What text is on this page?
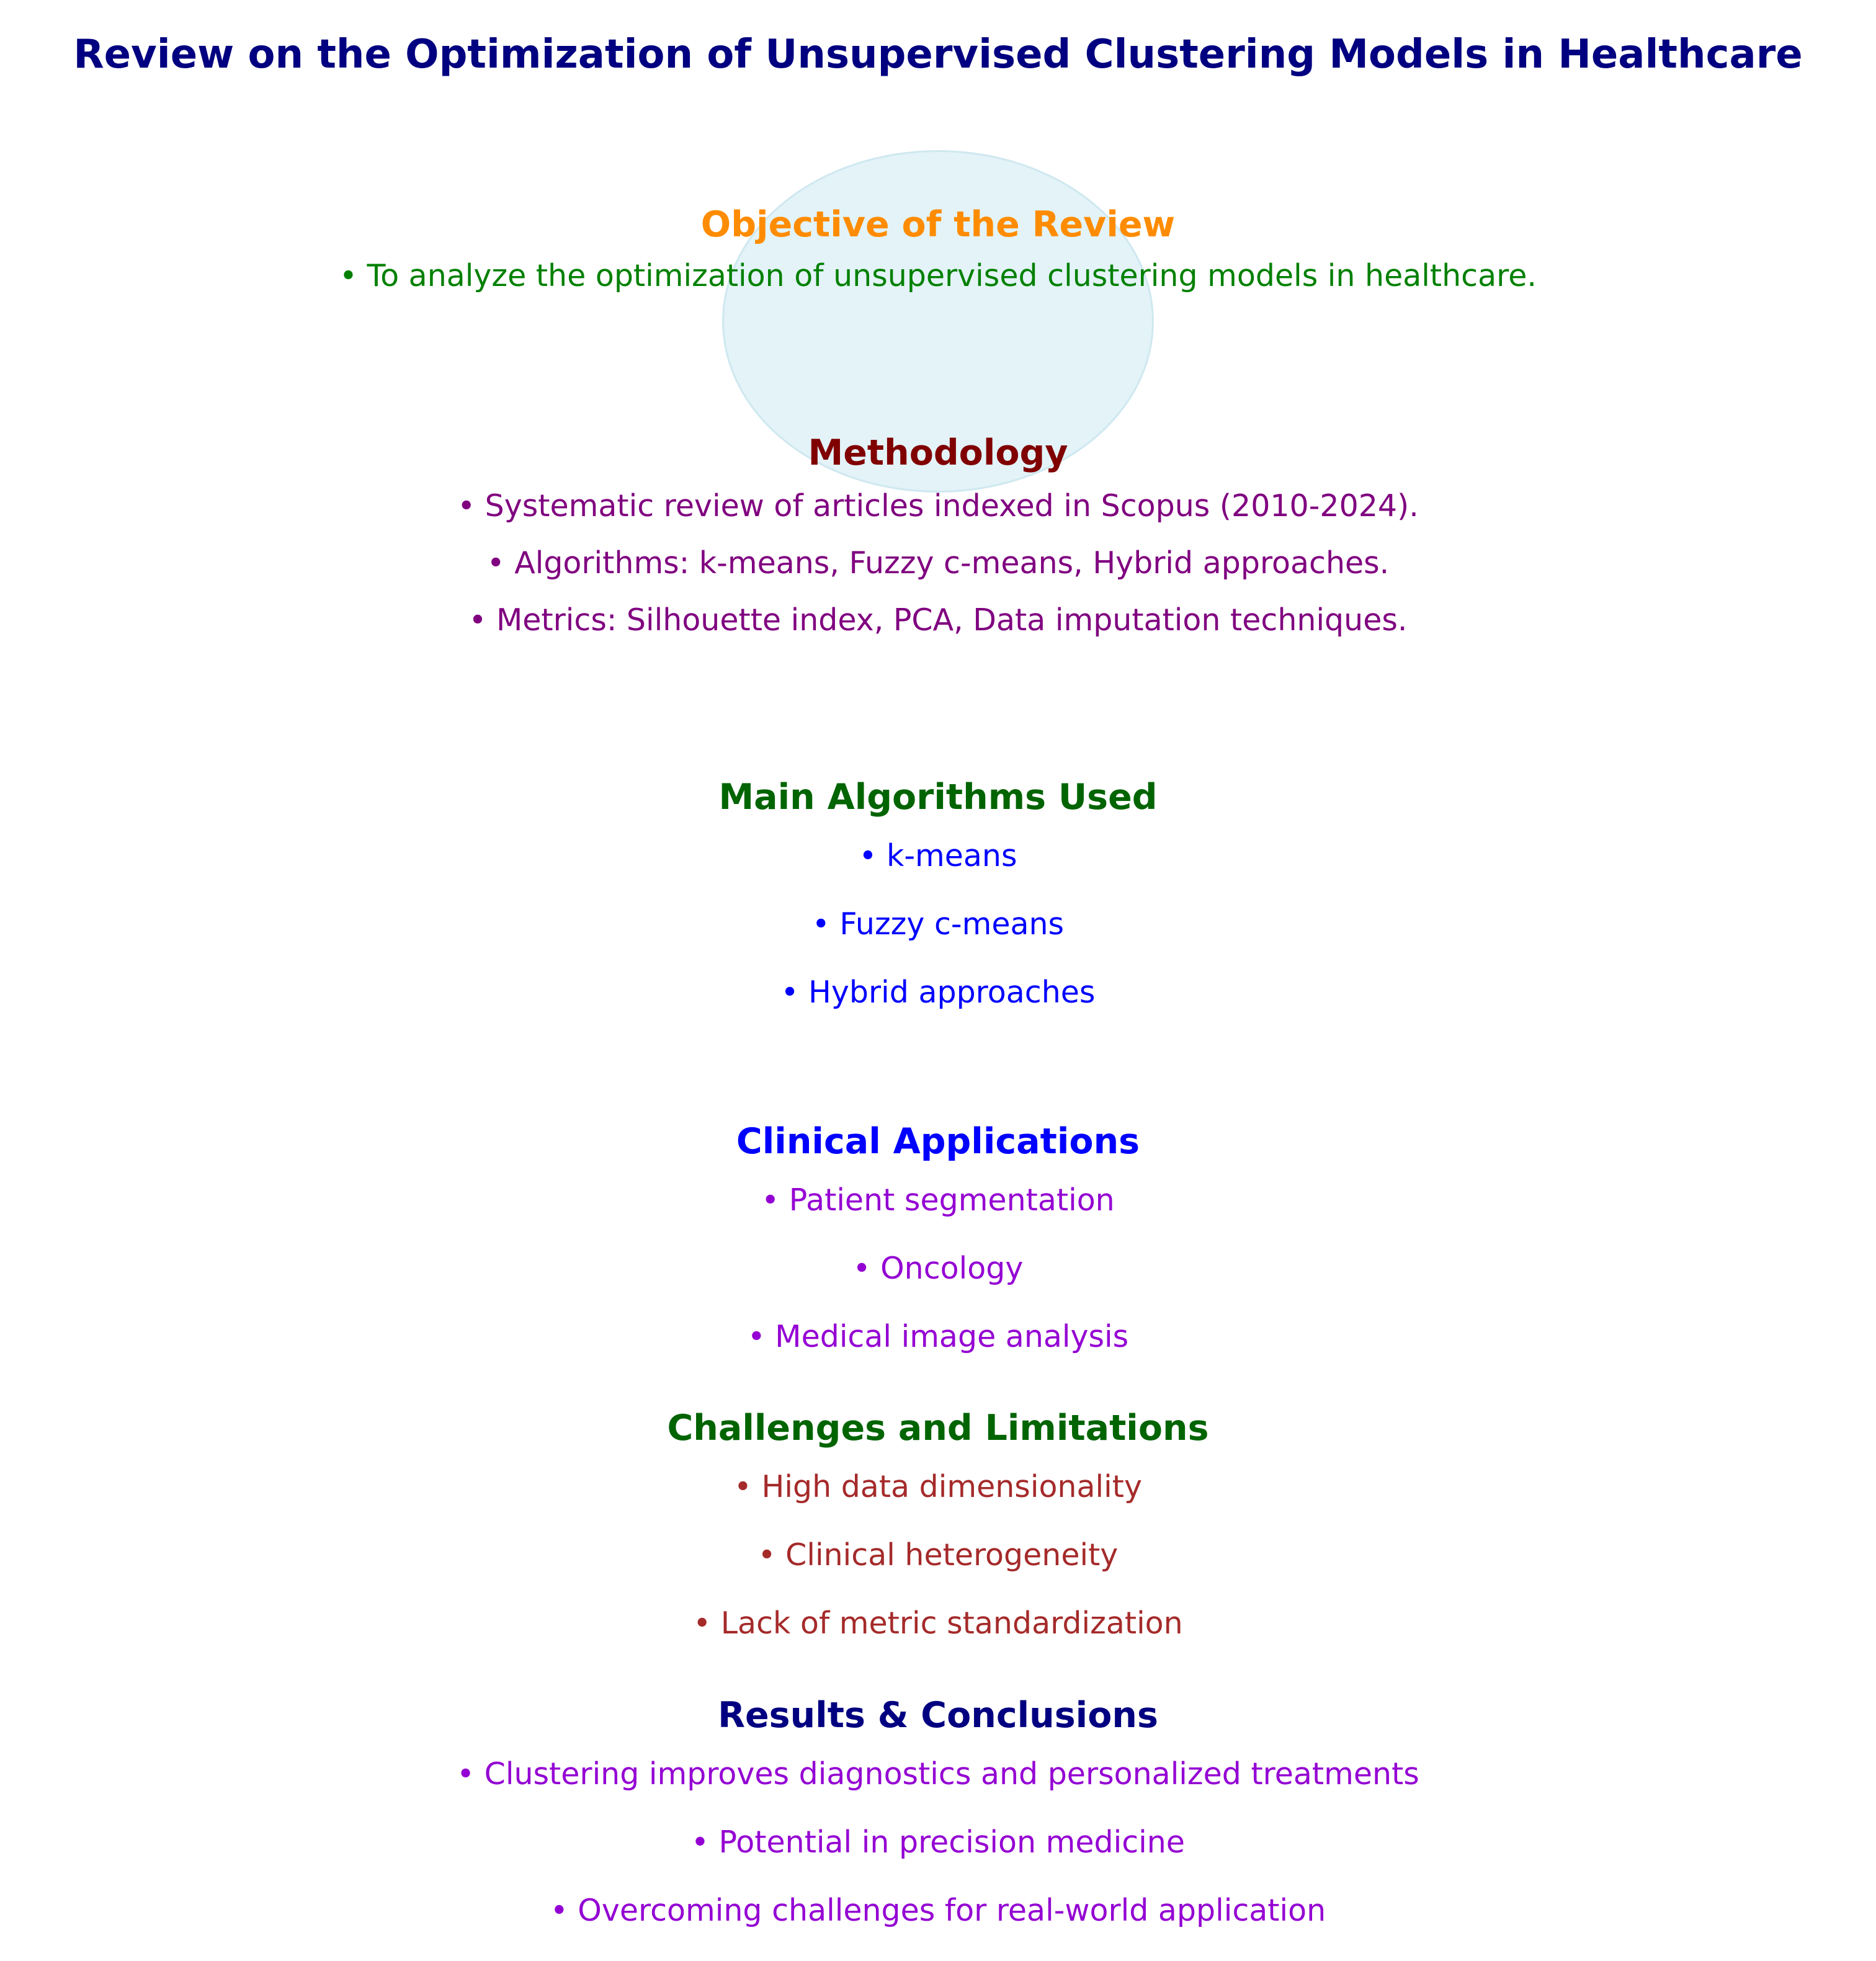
Review on the Optimization of Unsupervised Clustering Models in Healthcare
Objective of the Review
• To analyze the optimization of unsupervised clustering models in healthcare.
Methodology
• Systematic review of articles indexed in Scopus (2010-2024).
• Algorithms: k-means, Fuzzy c-means, Hybrid approaches.
• Metrics: Silhouette index, PCA, Data imputation techniques.
Main Algorithms Used
• k-means
• Fuzzy c-means
• Hybrid approaches
Clinical Applications
• Patient segmentation
• Oncology
• Medical image analysis
Challenges and Limitations
• High data dimensionality
• Clinical heterogeneity
• Lack of metric standardization
Results & Conclusions
• Clustering improves diagnostics and personalized treatments
• Potential in precision medicine
• Overcoming challenges for real-world application
